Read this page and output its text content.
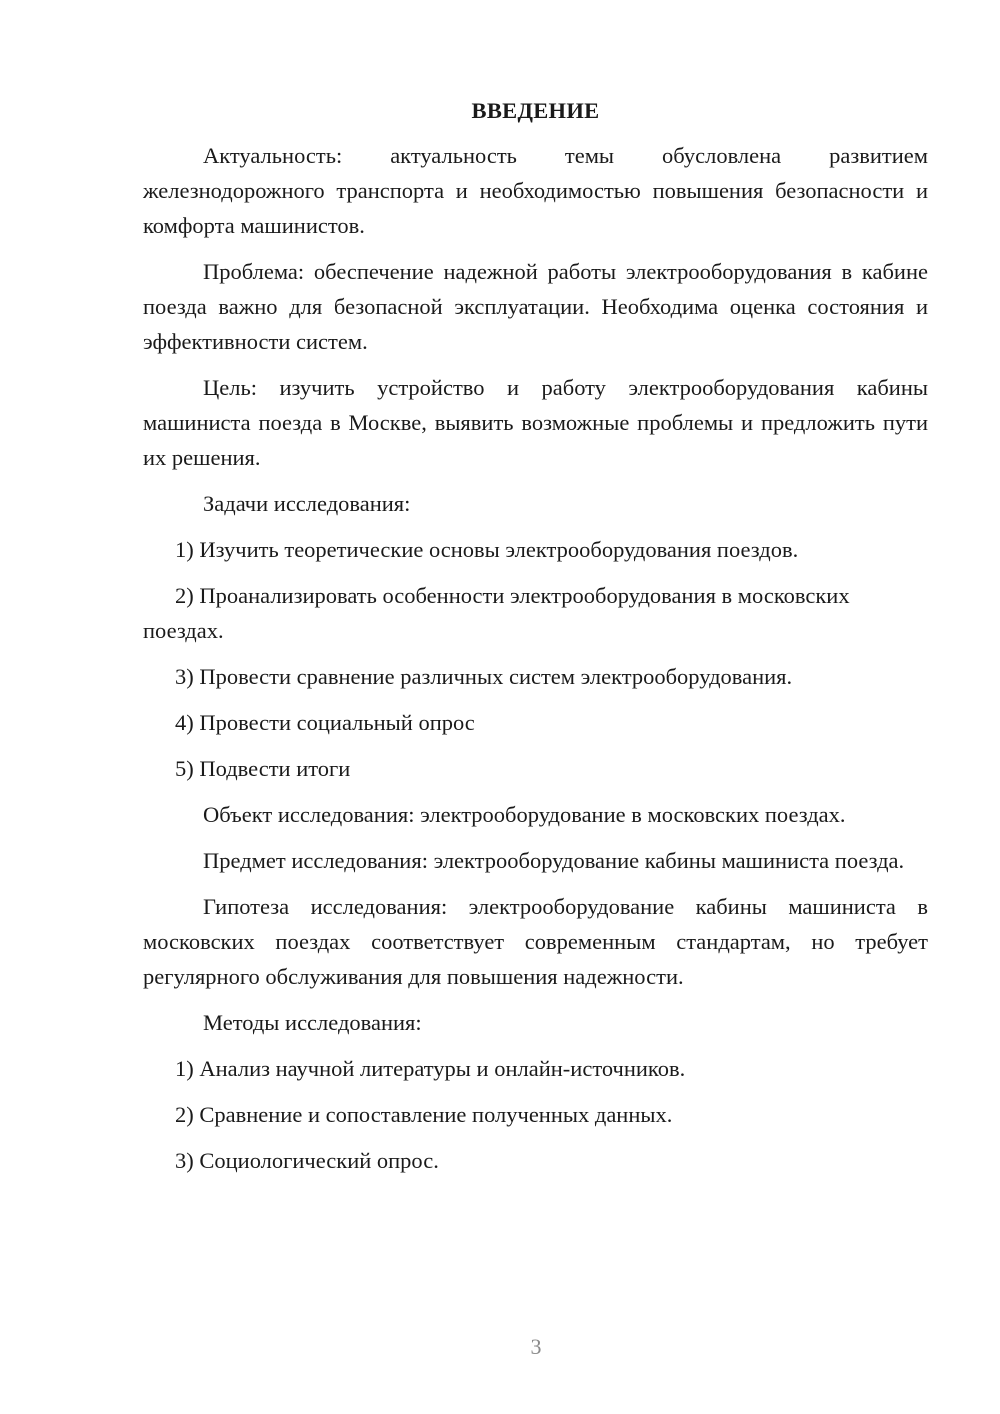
ВВЕДЕНИЕ

Актуальность: актуальность темы обусловлена развитием железнодорожного транспорта и необходимостью повышения безопасности и комфорта машинистов.

Проблема: обеспечение надежной работы электрооборудования в кабине поезда важно для безопасной эксплуатации. Необходима оценка состояния и эффективности систем.

Цель: изучить устройство и работу электрооборудования кабины машиниста поезда в Москве, выявить возможные проблемы и предложить пути их решения.

Задачи исследования:

1) Изучить теоретические основы электрооборудования поездов.

2) Проанализировать особенности электрооборудования в московских поездах.

3) Провести сравнение различных систем электрооборудования.

4) Провести социальный опрос

5) Подвести итоги

Объект исследования: электрооборудование в московских поездах.

Предмет исследования: электрооборудование кабины машиниста поезда.

Гипотеза исследования: электрооборудование кабины машиниста в московских поездах соответствует современным стандартам, но требует регулярного обслуживания для повышения надежности.

Методы исследования:

1) Анализ научной литературы и онлайн-источников.

2) Сравнение и сопоставление полученных данных.

3) Социологический опрос.

3
